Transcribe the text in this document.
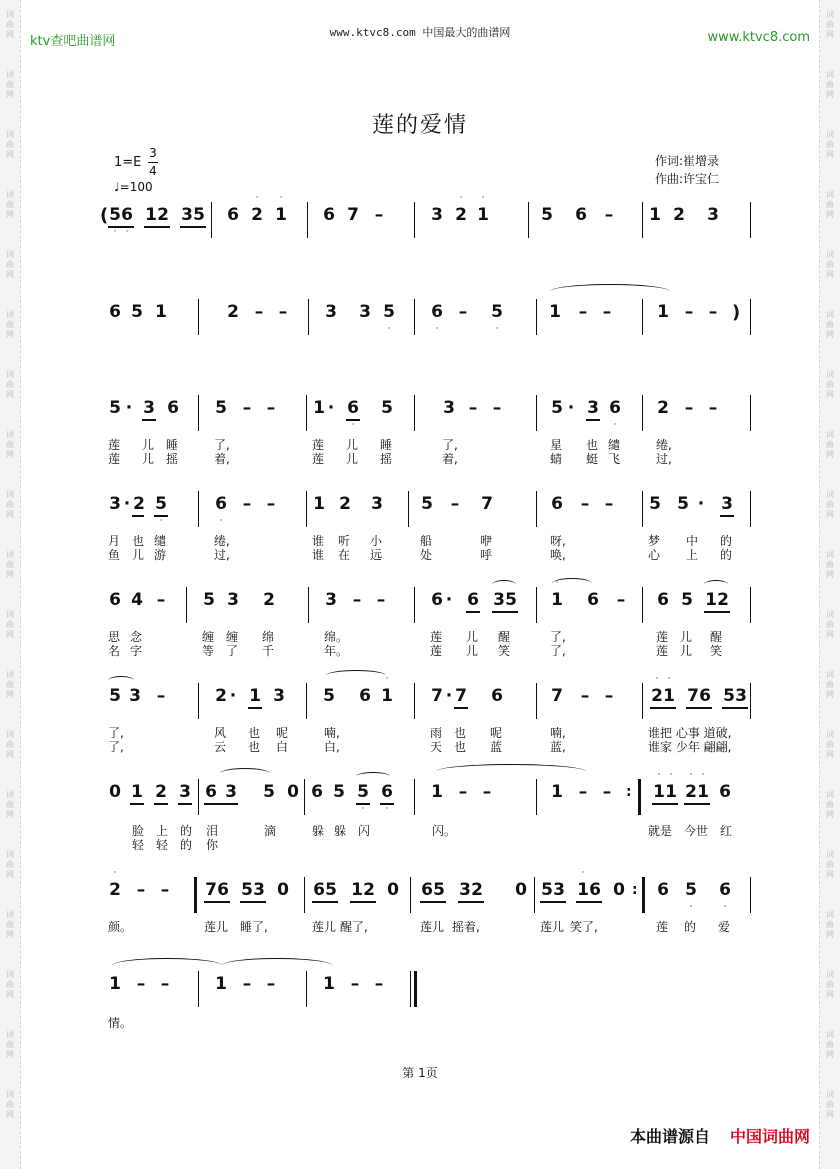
词
曲
网
词
曲
网
词
曲
网
词
曲
网
词
曲
网
词
曲
网
词
曲
网
词
曲
网
词
曲
网
词
曲
网
词
曲
网
词
曲
网
词
曲
网
词
曲
网
词
曲
网
词
曲
网
词
曲
网
词
曲
网
词
曲
网
词
曲
网
词
曲
网
词
曲
网
词
曲
网
词
曲
网
词
曲
网
词
曲
网
词
曲
网
词
曲
网
词
曲
网
词
曲
网
词
曲
网
词
曲
网
词
曲
网
词
曲
网
词
曲
网
词
曲
网
词
曲
网
词
曲
网
ktv查吧曲谱网
www.ktvc8.com 中国最大的曲谱网	www.ktvc8.com
莲的爱情
1=E
3
4
♩=100
作词:崔增录
作曲:许宝仁
( 5 6
·	·
1 2 3 5 6 2
·
1
·
6 7 –	3 2
·
1
·
5 6 – 1 2 3
6 5 1	2 – – 3 3 5
·
6
·
– 5
·
1 – –	1 – – )
5 · 3 6 5 – – 1 · 6
·
5	3 – –	5 · 3 6
·
2 – –
莲 儿 睡	了,	莲 儿 睡	了,	星 也 缱	绻,
莲 儿 摇	着,	莲 儿 摇	着,	蜻 蜓 飞	过,
3 · 2 5
·
6
·
– – 1 2 3 5 – 7	6 – – 5 5 · 3
月 也 缱	绻,	谁 听 小	船	咿	呀,	梦 中 的
鱼 儿 游	过,	谁 在 远	处	呼	唤,	心 上 的
6 4 – 5 3 2	3 – –	6 · 6 3 5 1
·
6 – 6 5 1 2
思 念	缠 缠 绵	绵。	莲 儿 醒	了,	莲 儿 醒
名 字	等 了 千	年。	莲 儿 笑	了,	莲 儿 笑
5 3 –	2 · 1 3 5 6 1
·
7 · 7 6	7 – – 2
·
1
·
7 6 5 3
了,	风 也 呢	喃,	雨 也 呢	喃,	谁把 心事 道破,
了,	云 也 白	白,	天 也 蓝	蓝,	谁家 少年 翩翩,
0 1 2 3 6 3 5 0 6 5 5
·
6
·
1 – –	1 – – : 1
·
1
·
2
·
1
·
6
脸 上 的 泪	滴	躲 躲 闪	闪。	就是 今世 红
轻 轻 的 你
2
·
– – 7 6 5 3 0 6 5 1 2 0 6 5 3 2 0 5 3 1
·
6 0 : 6 5
·
6
·
颜。	莲儿 睡了,	莲儿 醒了,	莲儿 摇着,	莲儿 笑了,	莲 的 爱
1 – –	1 – –	1 – –
情。
第 1页
本曲谱源自 中国词曲网
